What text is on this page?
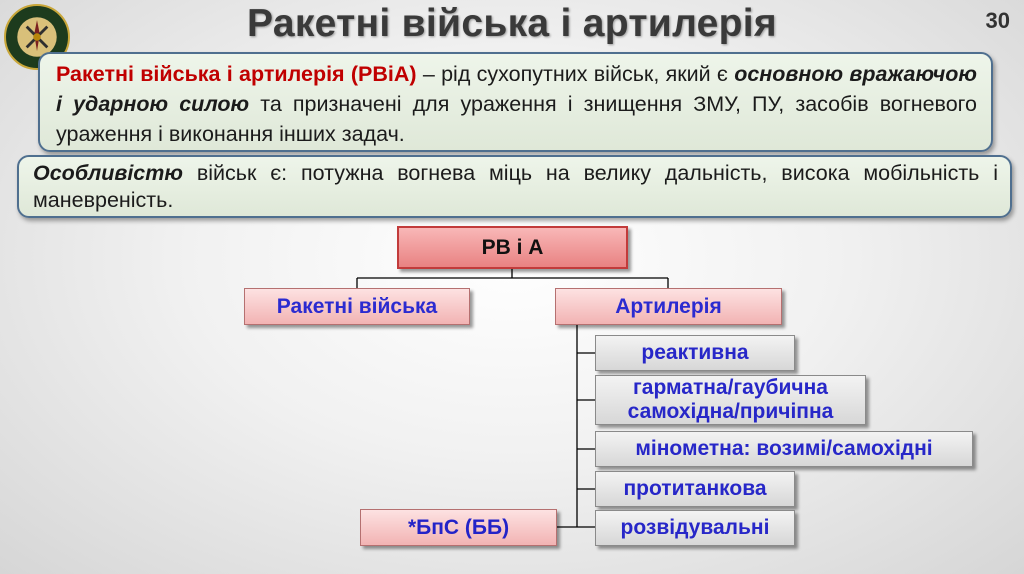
Ракетні війська і артилерія	30
Ракетні війська і артилерія (РВіА) – рід сухопутних військ, який є основною вражаючою і ударною силою та призначені для ураження і знищення ЗМУ, ПУ, засобів вогневого ураження і виконання інших задач.
Особливістю військ є: потужна вогнева міць на велику дальність, висока мобільність і маневреність.
РВ і А
Ракетні війська	Артилерія
реактивна
гарматна/гаубична самохідна/причіпна
мінометна: возимі/самохідні
протитанкова
розвідувальні
*БпС (ББ)
